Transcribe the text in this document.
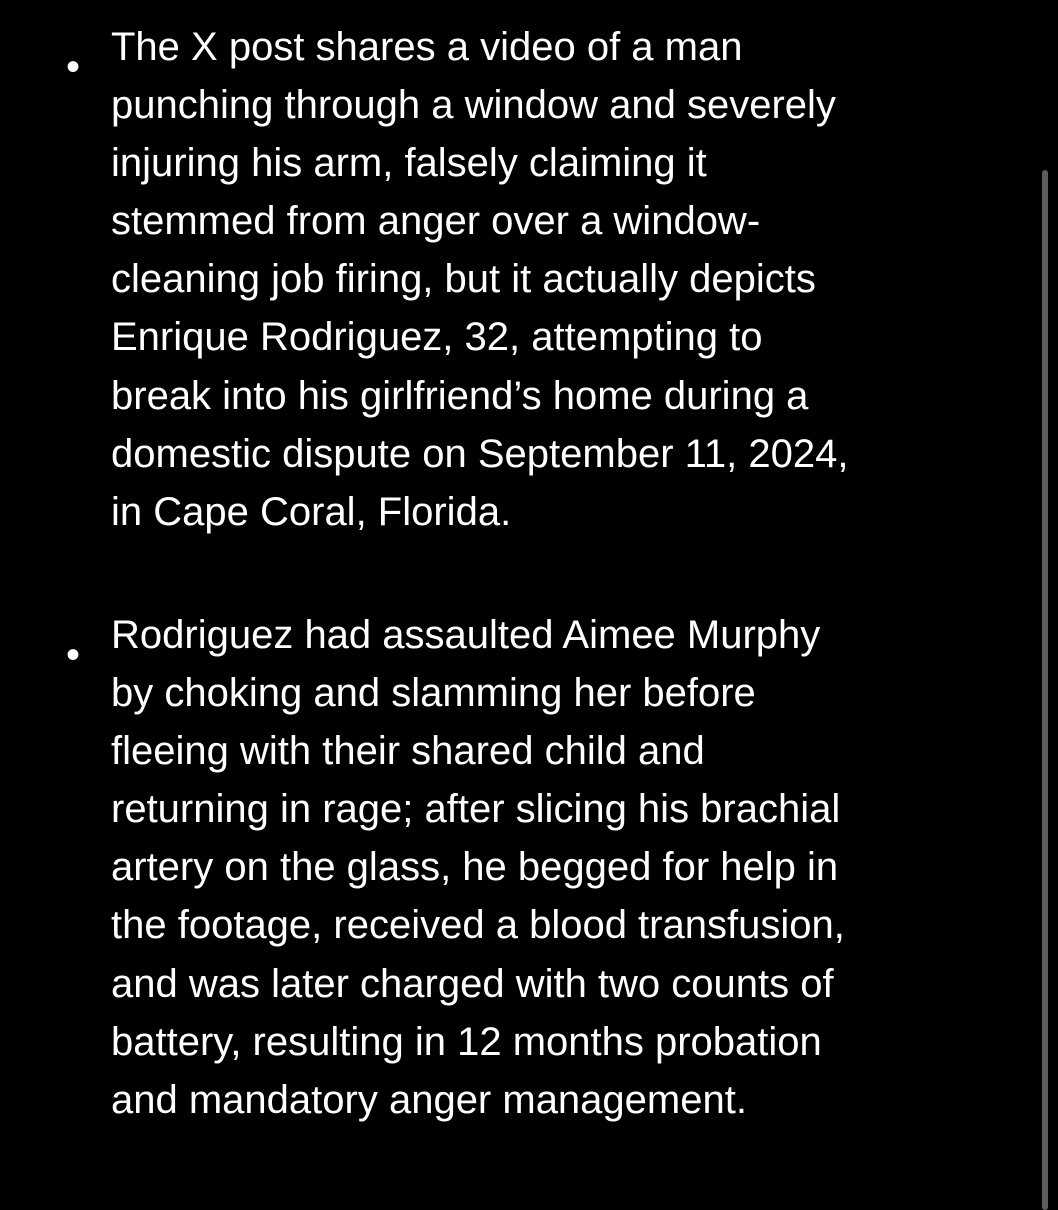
• The X post shares a video of a man
punching through a window and severely
injuring his arm, falsely claiming it
stemmed from anger over a window-
cleaning job firing, but it actually depicts
Enrique Rodriguez, 32, attempting to
break into his girlfriend’s home during a
domestic dispute on September 11, 2024,
in Cape Coral, Florida.

• Rodriguez had assaulted Aimee Murphy
by choking and slamming her before
fleeing with their shared child and
returning in rage; after slicing his brachial
artery on the glass, he begged for help in
the footage, received a blood transfusion,
and was later charged with two counts of
battery, resulting in 12 months probation
and mandatory anger management.
